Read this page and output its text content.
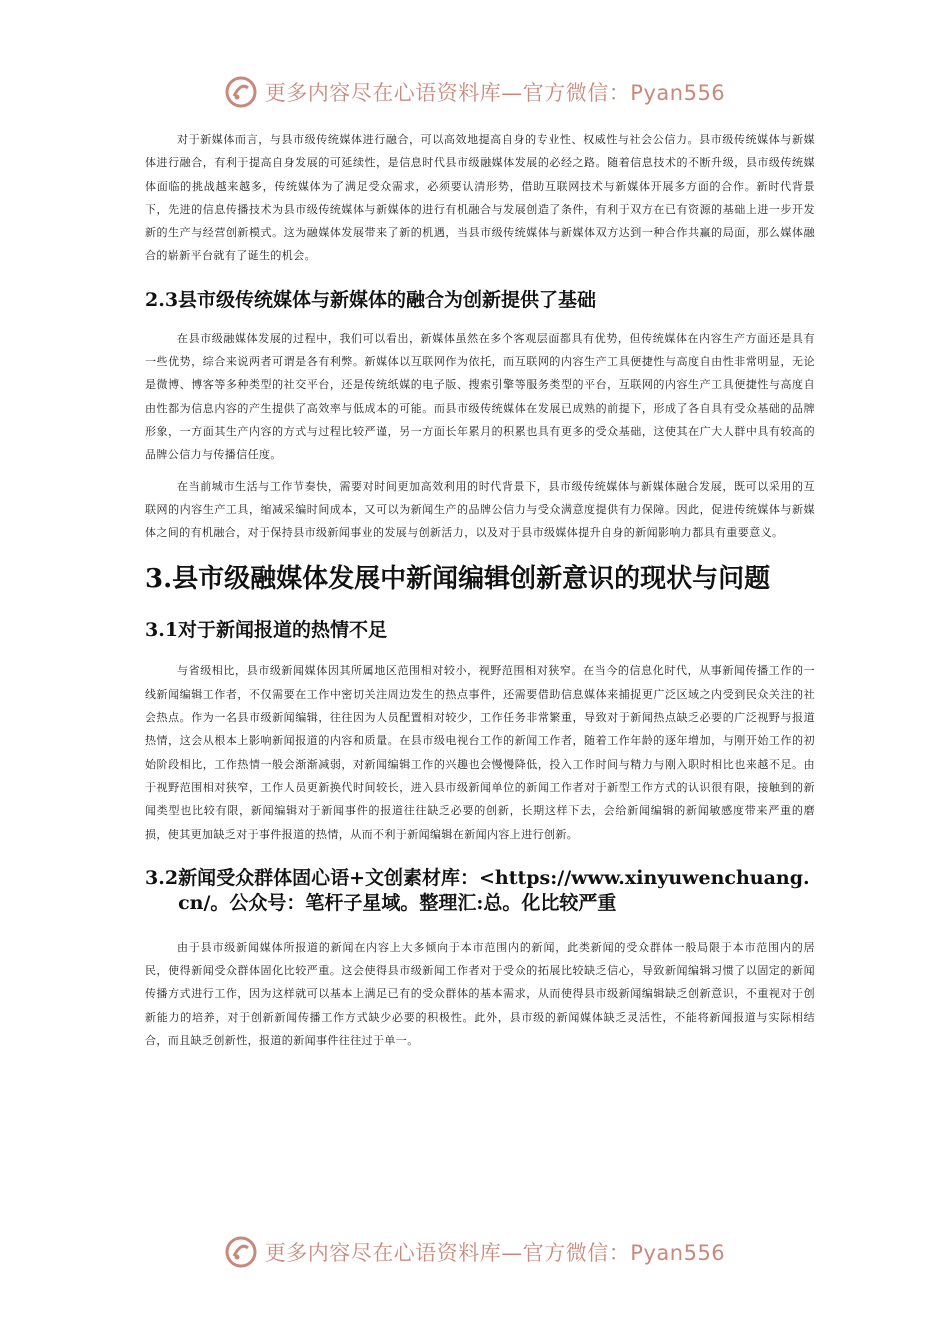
更多内容尽在心语资料库—官方微信：Pyan556

对于新媒体而言，与县市级传统媒体进行融合，可以高效地提高自身的专业性、权威性与社会公信力。县市级传统媒体与新媒体进行融合，有利于提高自身发展的可延续性，是信息时代县市级融媒体发展的必经之路。随着信息技术的不断升级，县市级传统媒体面临的挑战越来越多，传统媒体为了满足受众需求，必须要认清形势，借助互联网技术与新媒体开展多方面的合作。新时代背景下，先进的信息传播技术为县市级传统媒体与新媒体的进行有机融合与发展创造了条件，有利于双方在已有资源的基础上进一步开发新的生产与经营创新模式。这为融媒体发展带来了新的机遇，当县市级传统媒体与新媒体双方达到一种合作共赢的局面，那么媒体融合的崭新平台就有了诞生的机会。

2.3县市级传统媒体与新媒体的融合为创新提供了基础

在县市级融媒体发展的过程中，我们可以看出，新媒体虽然在多个客观层面都具有优势，但传统媒体在内容生产方面还是具有一些优势，综合来说两者可谓是各有利弊。新媒体以互联网作为依托，而互联网的内容生产工具便捷性与高度自由性非常明显，无论是微博、博客等多种类型的社交平台，还是传统纸媒的电子版、搜索引擎等服务类型的平台，互联网的内容生产工具便捷性与高度自由性都为信息内容的产生提供了高效率与低成本的可能。而县市级传统媒体在发展已成熟的前提下，形成了各自具有受众基础的品牌形象，一方面其生产内容的方式与过程比较严谨，另一方面长年累月的积累也具有更多的受众基础，这使其在广大人群中具有较高的品牌公信力与传播信任度。

在当前城市生活与工作节奏快，需要对时间更加高效利用的时代背景下，县市级传统媒体与新媒体融合发展，既可以采用的互联网的内容生产工具，缩减采编时间成本，又可以为新闻生产的品牌公信力与受众满意度提供有力保障。因此，促进传统媒体与新媒体之间的有机融合，对于保持县市级新闻事业的发展与创新活力，以及对于县市级媒体提升自身的新闻影响力都具有重要意义。

3.县市级融媒体发展中新闻编辑创新意识的现状与问题
3.1对于新闻报道的热情不足

与省级相比，县市级新闻媒体因其所属地区范围相对较小，视野范围相对狭窄。在当今的信息化时代，从事新闻传播工作的一线新闻编辑工作者，不仅需要在工作中密切关注周边发生的热点事件，还需要借助信息媒体来捕捉更广泛区域之内受到民众关注的社会热点。作为一名县市级新闻编辑，往往因为人员配置相对较少，工作任务非常繁重，导致对于新闻热点缺乏必要的广泛视野与报道热情，这会从根本上影响新闻报道的内容和质量。在县市级电视台工作的新闻工作者，随着工作年龄的逐年增加，与刚开始工作的初始阶段相比，工作热情一般会渐渐减弱，对新闻编辑工作的兴趣也会慢慢降低，投入工作时间与精力与刚入职时相比也来越不足。由于视野范围相对狭窄，工作人员更新换代时间较长，进入县市级新闻单位的新闻工作者对于新型工作方式的认识很有限，接触到的新闻类型也比较有限，新闻编辑对于新闻事件的报道往往缺乏必要的创新，长期这样下去，会给新闻编辑的新闻敏感度带来严重的磨损，使其更加缺乏对于事件报道的热情，从而不利于新闻编辑在新闻内容上进行创新。

3.2 新闻受众群体固心语+文创素材库：<https://www.xinyuwenchuang.cn/。公众号：笔杆子星域。整理汇:总。化比较严重

由于县市级新闻媒体所报道的新闻在内容上大多倾向于本市范围内的新闻，此类新闻的受众群体一般局限于本市范围内的居民，使得新闻受众群体固化比较严重。这会使得县市级新闻工作者对于受众的拓展比较缺乏信心，导致新闻编辑习惯了以固定的新闻传播方式进行工作，因为这样就可以基本上满足已有的受众群体的基本需求，从而使得县市级新闻编辑缺乏创新意识，不重视对于创新能力的培养，对于创新新闻传播工作方式缺少必要的积极性。此外，县市级的新闻媒体缺乏灵活性，不能将新闻报道与实际相结合，而且缺乏创新性，报道的新闻事件往往过于单一。

更多内容尽在心语资料库—官方微信：Pyan556
